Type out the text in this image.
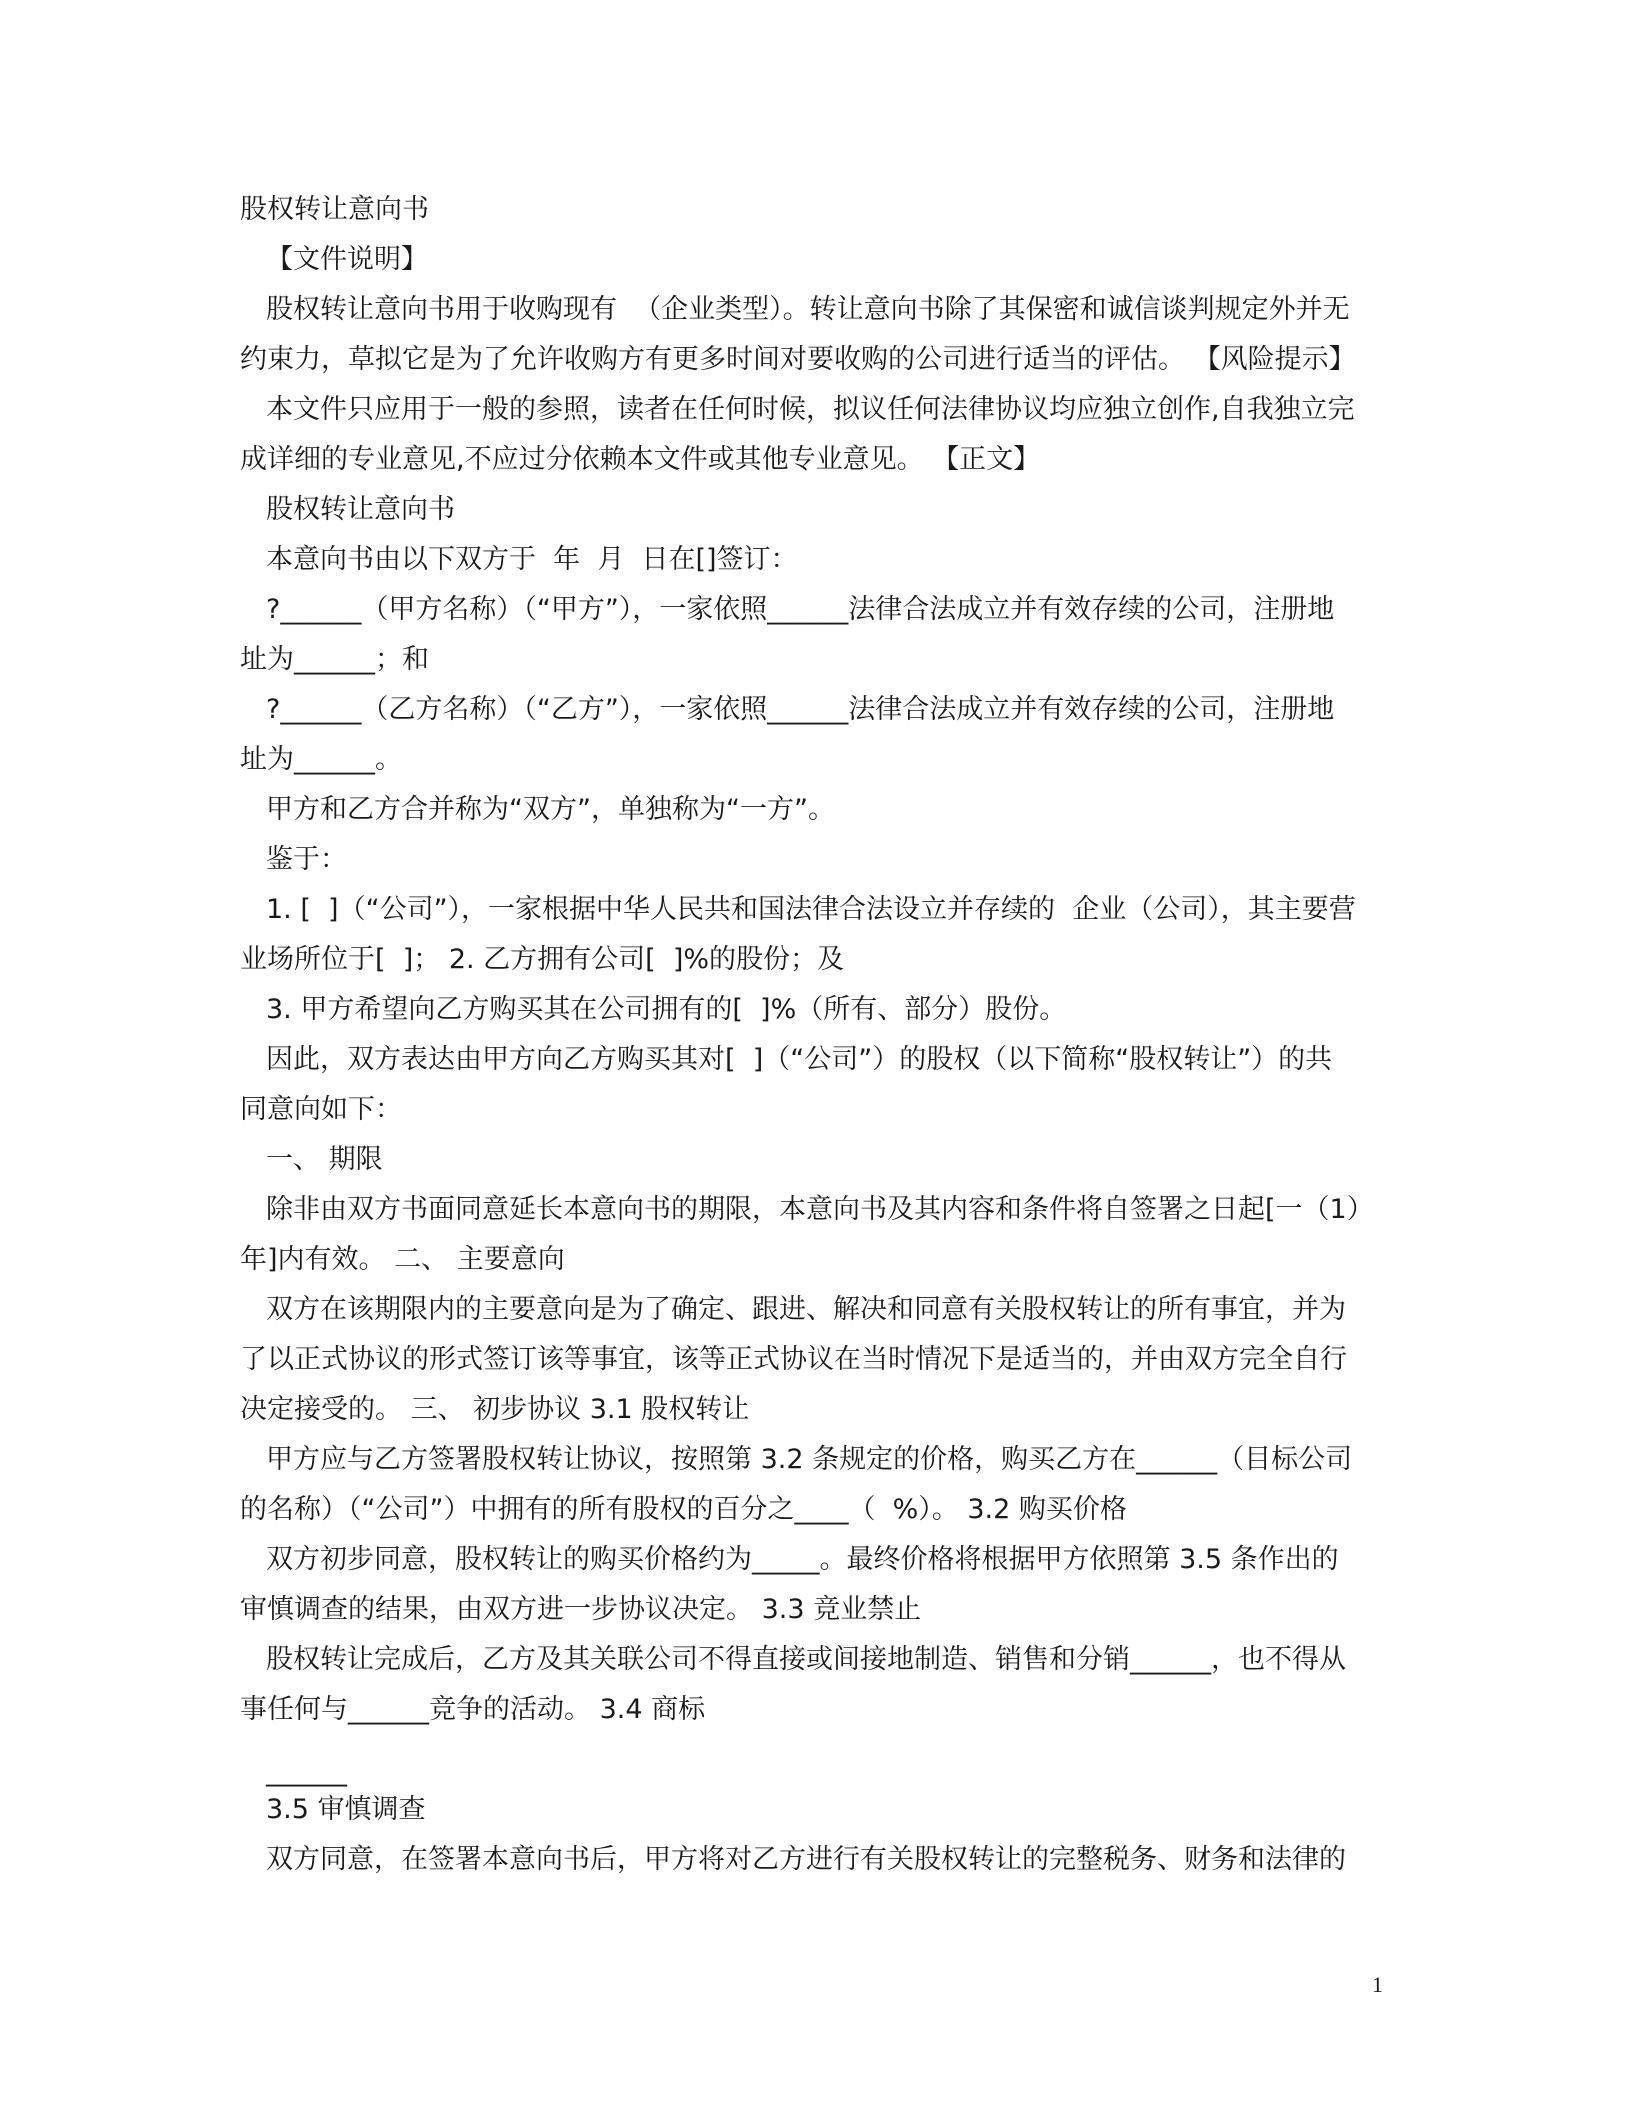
股权转让意向书
【文件说明】
股权转让意向书用于收购现有  （企业类型）。转让意向书除了其保密和诚信谈判规定外并无
约束力，草拟它是为了允许收购方有更多时间对要收购的公司进行适当的评估。 【风险提示】
本文件只应用于一般的参照，读者在任何时候，拟议任何法律协议均应独立创作,自我独立完
成详细的专业意见,不应过分依赖本文件或其他专业意见。 【正文】
股权转让意向书
本意向书由以下双方于  年  月  日在[]签订：
?______（甲方名称）（“甲方”），一家依照______法律合法成立并有效存续的公司，注册地
址为______；和
?______（乙方名称）（“乙方”），一家依照______法律合法成立并有效存续的公司，注册地
址为______。
甲方和乙方合并称为“双方”，单独称为“一方”。
鉴于：
1. [  ]（“公司”），一家根据中华人民共和国法律合法设立并存续的  企业（公司），其主要营
业场所位于[  ]； 2. 乙方拥有公司[  ]%的股份；及
3. 甲方希望向乙方购买其在公司拥有的[  ]%（所有、部分）股份。
因此，双方表达由甲方向乙方购买其对[  ]（“公司”）的股权（以下简称“股权转让”）的共
同意向如下：
一、 期限
除非由双方书面同意延长本意向书的期限，本意向书及其内容和条件将自签署之日起[一（1）
年]内有效。 二、 主要意向
双方在该期限内的主要意向是为了确定、跟进、解决和同意有关股权转让的所有事宜，并为
了以正式协议的形式签订该等事宜，该等正式协议在当时情况下是适当的，并由双方完全自行
决定接受的。 三、 初步协议 3.1 股权转让
甲方应与乙方签署股权转让协议，按照第 3.2 条规定的价格，购买乙方在______（目标公司
的名称）（“公司”）中拥有的所有股权的百分之____（  %）。 3.2 购买价格
双方初步同意，股权转让的购买价格约为_____。最终价格将根据甲方依照第 3.5 条作出的
审慎调查的结果，由双方进一步协议决定。 3.3 竞业禁止
股权转让完成后，乙方及其关联公司不得直接或间接地制造、销售和分销______，也不得从
事任何与______竞争的活动。 3.4 商标
______
3.5 审慎调查
双方同意，在签署本意向书后，甲方将对乙方进行有关股权转让的完整税务、财务和法律的
1
